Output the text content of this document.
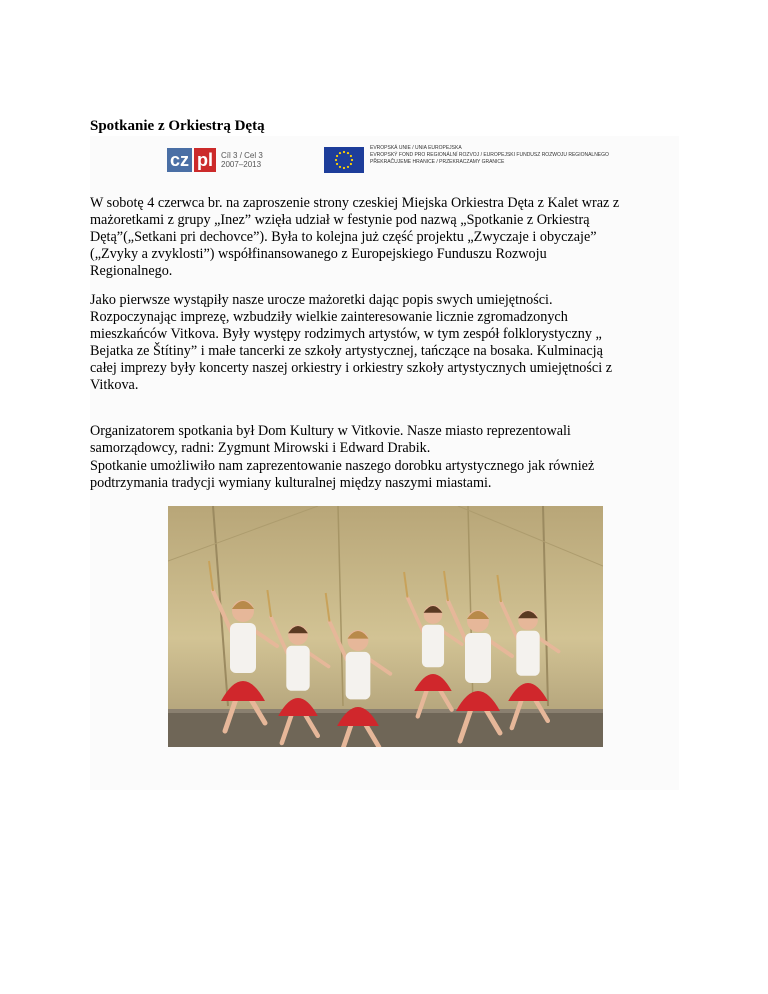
Spotkanie z Orkiestrą Dętą
cz pl	Cíl 3 / Cel 3
2007–2013
EVROPSKÁ UNIE / UNIA EUROPEJSKA
EVROPSKÝ FOND PRO REGIONÁLNÍ ROZVOJ / EUROPEJSKI FUNDUSZ ROZWOJU REGIONALNEGO
PŘEKRAČUJEME HRANICE / PRZEKRACZAMY GRANICE

W sobotę 4 czerwca br. na zaproszenie strony czeskiej Miejska Orkiestra Dęta z Kalet wraz z
mażoretkami z grupy „Inez” wzięła udział w festynie pod nazwą „Spotkanie z Orkiestrą
Dętą”(„Setkani pri dechovce”). Była to kolejna już część projektu „Zwyczaje i obyczaje”
(„Zvyky a zvyklosti”) współfinansowanego z Europejskiego Funduszu Rozwoju
Regionalnego.

Jako pierwsze wystąpiły nasze urocze mażoretki dając popis swych umiejętności.
Rozpoczynając imprezę, wzbudziły wielkie zainteresowanie licznie zgromadzonych
mieszkańców Vitkova. Były występy rodzimych artystów, w tym zespół folklorystyczny „
Bejatka ze Štítiny” i małe tancerki ze szkoły artystycznej, tańczące na bosaka. Kulminacją
całej imprezy były koncerty naszej orkiestry i orkiestry szkoły artystycznych umiejętności z
Vitkova.

Organizatorem spotkania był Dom Kultury w Vitkovie. Nasze miasto reprezentowali
samorządowcy, radni: Zygmunt Mirowski i Edward Drabik.

Spotkanie umożliwiło nam zaprezentowanie naszego dorobku artystycznego jak również
podtrzymania tradycji wymiany kulturalnej między naszymi miastami.
